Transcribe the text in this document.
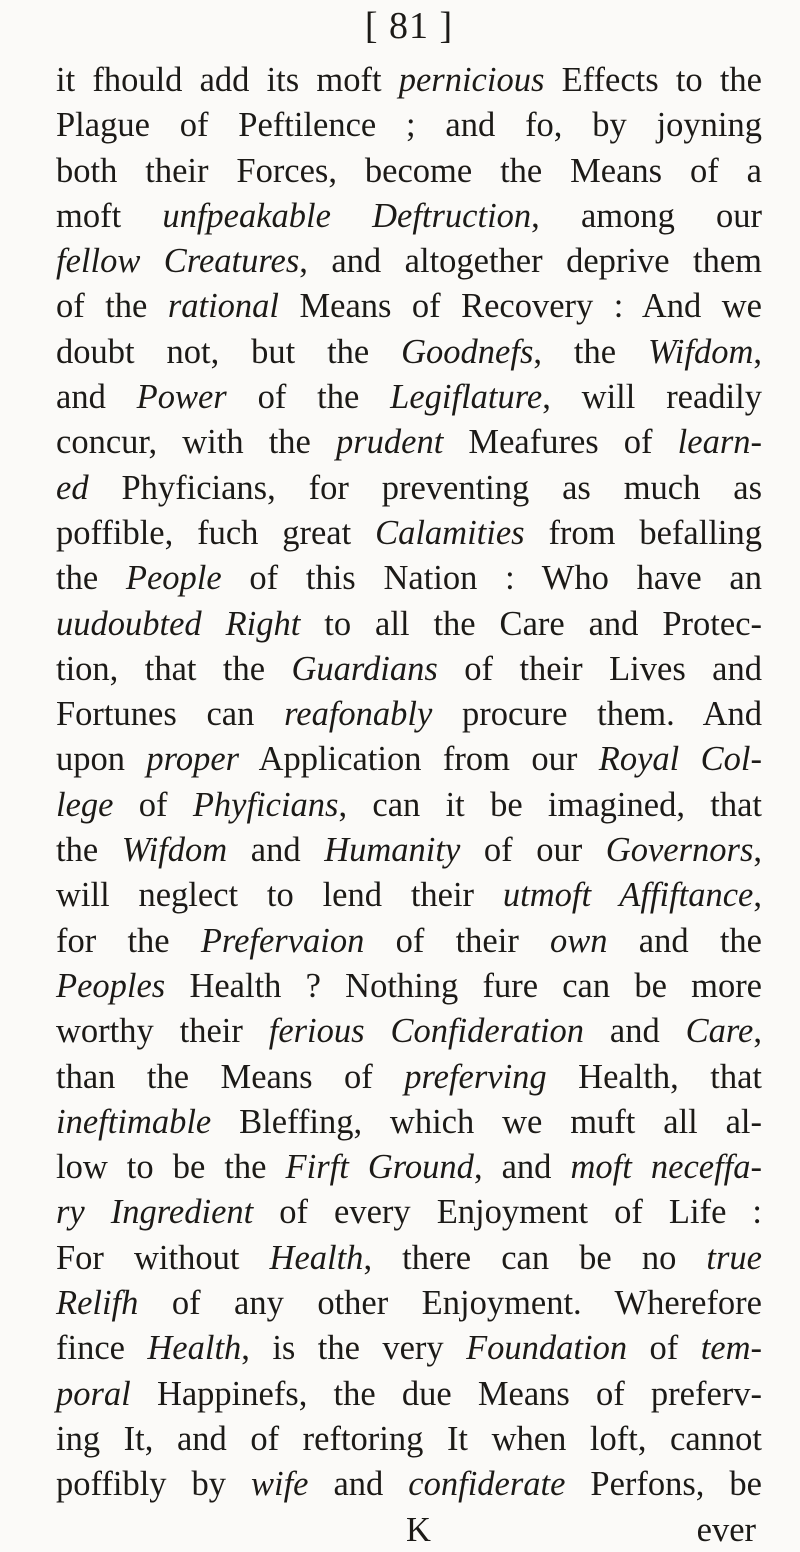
[ 81 ]
it fhould add its moft pernicious Effects to the
Plague of Peftilence ; and fo, by joyning
both their Forces, become the Means of a
moft unfpeakable Deftruction, among our
fellow Creatures, and altogether deprive them
of the rational Means of Recovery : And we
doubt not, but the Goodnefs, the Wifdom,
and Power of the Legiflature, will readily
concur, with the prudent Meafures of learn-
ed Phyficians, for preventing as much as
poffible, fuch great Calamities from befalling
the People of this Nation : Who have an
uudoubted Right to all the Care and Protec-
tion, that the Guardians of their Lives and
Fortunes can reafonably procure them. And
upon proper Application from our Royal Col-
lege of Phyficians, can it be imagined, that
the Wifdom and Humanity of our Governors,
will neglect to lend their utmoft Affiftance,
for the Prefervaion of their own and the
Peoples Health ? Nothing fure can be more
worthy their ferious Confideration and Care,
than the Means of preferving Health, that
ineftimable Bleffing, which we muft all al-
low to be the Firft Ground, and moft neceffa-
ry Ingredient of every Enjoyment of Life :
For without Health, there can be no true
Relifh of any other Enjoyment. Wherefore
fince Health, is the very Foundation of tem-
poral Happinefs, the due Means of preferv-
ing It, and of reftoring It when loft, cannot
poffibly by wife and confiderate Perfons, be
K	ever
